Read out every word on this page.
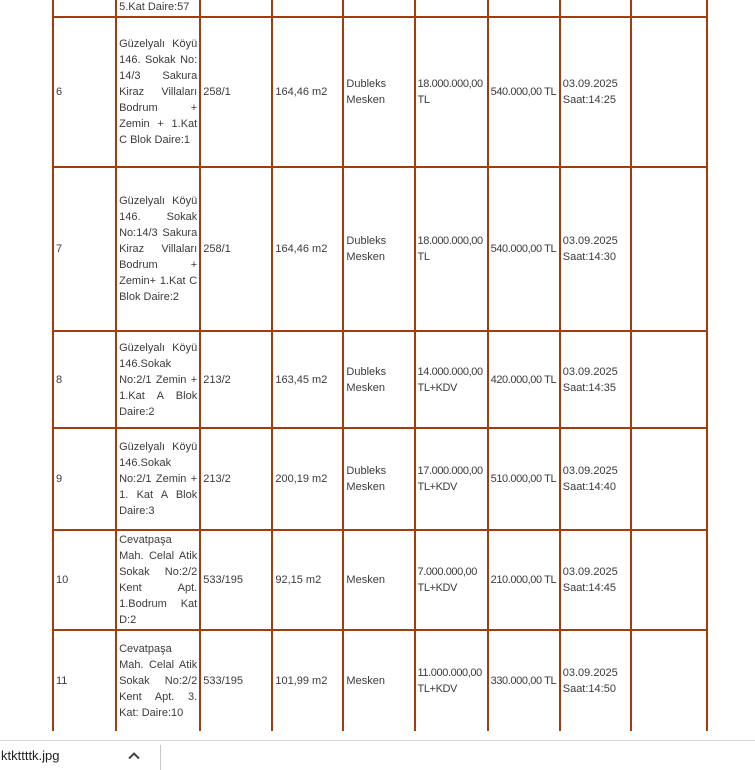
	5.Kat Daire:57							
6	Güzelyalı Köyü 146. Sokak No: 14/3 Sakura Kiraz Villaları Bodrum + Zemin + 1.Kat C Blok Daire:1	258/1	164,46 m2	Dubleks Mesken	18.000.000,00 TL	540.000,00 TL	03.09.2025 Saat:14:25	
7	Güzelyalı Köyü 146. Sokak No:14/3 Sakura Kiraz Villaları Bodrum + Zemin+ 1.Kat C Blok Daire:2	258/1	164,46 m2	Dubleks Mesken	18.000.000,00 TL	540.000,00 TL	03.09.2025 Saat:14:30	
8	Güzelyalı Köyü 146.Sokak No:2/1 Zemin + 1.Kat A Blok Daire:2	213/2	163,45 m2	Dubleks Mesken	14.000.000,00 TL+KDV	420.000,00 TL	03.09.2025 Saat:14:35	
9	Güzelyalı Köyü 146.Sokak No:2/1 Zemin + 1. Kat A Blok Daire:3	213/2	200,19 m2	Dubleks Mesken	17.000.000,00 TL+KDV	510.000,00 TL	03.09.2025 Saat:14:40	
10	Cevatpaşa Mah. Celal Atik Sokak No:2/2 Kent Apt. 1.Bodrum Kat D:2	533/195	92,15 m2	Mesken	7.000.000,00 TL+KDV	210.000,00 TL	03.09.2025 Saat:14:45	
11	Cevatpaşa Mah. Celal Atik Sokak No:2/2 Kent Apt. 3. Kat: Daire:10	533/195	101,99 m2	Mesken	11.000.000,00 TL+KDV	330.000,00 TL	03.09.2025 Saat:14:50	
ktkttttk.jpg
